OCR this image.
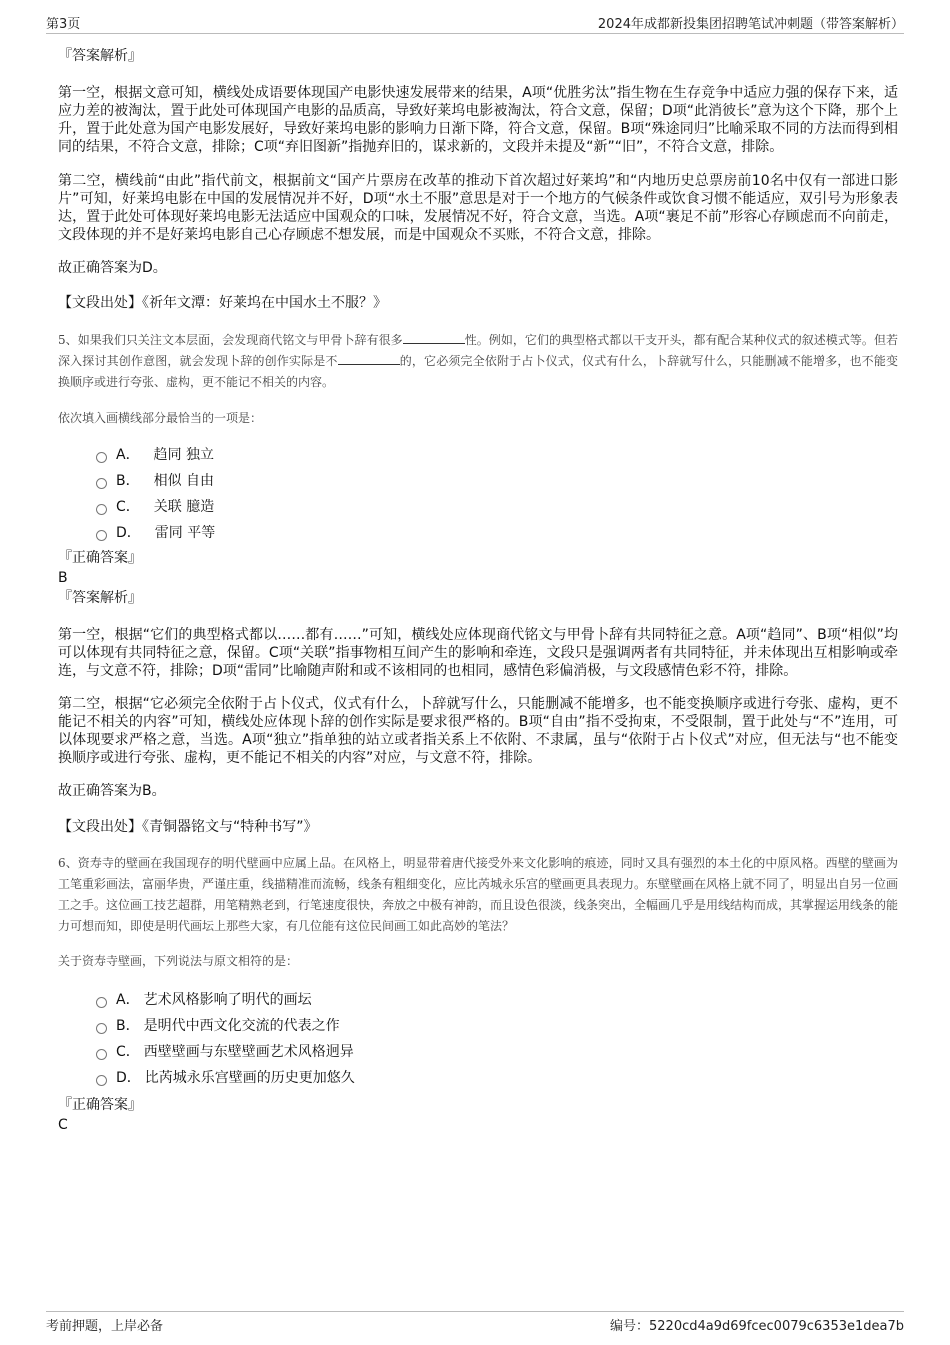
第3页	2024年成都新投集团招聘笔试冲刺题（带答案解析）

『答案解析』

第一空，根据文意可知，横线处成语要体现国产电影快速发展带来的结果，A项“优胜劣汰”指生物在生存竞争中适应力强的保存下来，适应力差的被淘汰，置于此处可体现国产电影的品质高，导致好莱坞电影被淘汰，符合文意，保留；D项“此消彼长”意为这个下降，那个上升，置于此处意为国产电影发展好，导致好莱坞电影的影响力日渐下降，符合文意，保留。B项“殊途同归”比喻采取不同的方法而得到相同的结果，不符合文意，排除；C项“弃旧图新”指抛弃旧的，谋求新的，文段并未提及“新”“旧”，不符合文意，排除。

第二空，横线前“由此”指代前文，根据前文“国产片票房在改革的推动下首次超过好莱坞”和“内地历史总票房前10名中仅有一部进口影片”可知，好莱坞电影在中国的发展情况并不好，D项“水土不服”意思是对于一个地方的气候条件或饮食习惯不能适应，双引号为形象表达，置于此处可体现好莱坞电影无法适应中国观众的口味，发展情况不好，符合文意，当选。A项“裹足不前”形容心存顾虑而不向前走，文段体现的并不是好莱坞电影自己心存顾虑不想发展，而是中国观众不买账，不符合文意，排除。

故正确答案为D。

【文段出处】《祈年文潭：好莱坞在中国水土不服？》

5、如果我们只关注文本层面，会发现商代铭文与甲骨卜辞有很多	性。例如，它们的典型格式都以干支开头，都有配合某种仪式的叙述模式等。但若深入探讨其创作意图，就会发现卜辞的创作实际是不	的，它必须完全依附于占卜仪式，仪式有什么，卜辞就写什么，只能删减不能增多，也不能变换顺序或进行夸张、虚构，更不能记不相关的内容。

依次填入画横线部分最恰当的一项是：

A． 趋同 独立
B． 相似 自由
C． 关联 臆造
D． 雷同 平等

『正确答案』

B

『答案解析』

第一空，根据“它们的典型格式都以……都有……”可知，横线处应体现商代铭文与甲骨卜辞有共同特征之意。A项“趋同”、B项“相似”均可以体现有共同特征之意，保留。C项“关联”指事物相互间产生的影响和牵连，文段只是强调两者有共同特征，并未体现出互相影响或牵连，与文意不符，排除；D项“雷同”比喻随声附和或不该相同的也相同，感情色彩偏消极，与文段感情色彩不符，排除。

第二空，根据“它必须完全依附于占卜仪式，仪式有什么，卜辞就写什么，只能删减不能增多，也不能变换顺序或进行夸张、虚构，更不能记不相关的内容”可知，横线处应体现卜辞的创作实际是要求很严格的。B项“自由”指不受拘束，不受限制，置于此处与“不”连用，可以体现要求严格之意，当选。A项“独立”指单独的站立或者指关系上不依附、不隶属，虽与“依附于占卜仪式”对应，但无法与“也不能变换顺序或进行夸张、虚构，更不能记不相关的内容”对应，与文意不符，排除。

故正确答案为B。

【文段出处】《青铜器铭文与“特种书写”》

6、资寿寺的壁画在我国现存的明代壁画中应属上品。在风格上，明显带着唐代接受外来文化影响的痕迹，同时又具有强烈的本土化的中原风格。西壁的壁画为工笔重彩画法，富丽华贵，严谨庄重，线描精准而流畅，线条有粗细变化，应比芮城永乐宫的壁画更具表现力。东壁壁画在风格上就不同了，明显出自另一位画工之手。这位画工技艺超群，用笔精熟老到，行笔速度很快，奔放之中极有神韵，而且设色很淡，线条突出，全幅画几乎是用线结构而成，其掌握运用线条的能力可想而知，即使是明代画坛上那些大家，有几位能有这位民间画工如此高妙的笔法？

关于资寿寺壁画，下列说法与原文相符的是：

A． 艺术风格影响了明代的画坛
B． 是明代中西文化交流的代表之作
C． 西壁壁画与东壁壁画艺术风格迥异
D． 比芮城永乐宫壁画的历史更加悠久

『正确答案』

C

考前押题，上岸必备	编号：5220cd4a9d69fcec0079c6353e1dea7b
